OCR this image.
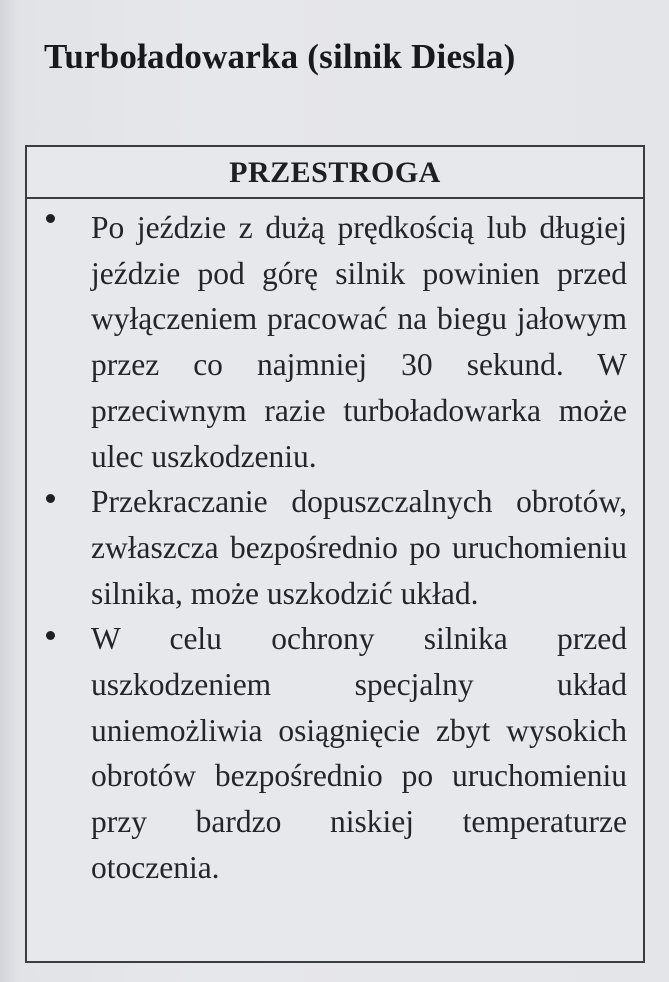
Turboładowarka (silnik Diesla)
PRZESTROGA
Po jeździe z dużą prędkością lub długiej jeździe pod górę silnik powinien przed wyłączeniem pracować na biegu jałowym przez co najmniej 30 sekund. W przeciwnym razie turboładowarka może ulec uszkodzeniu.
Przekraczanie dopuszczalnych obrotów, zwłaszcza bezpośrednio po uruchomieniu silnika, może uszkodzić układ.
W celu ochrony silnika przed uszkodzeniem specjalny układ uniemożliwia osiągnięcie zbyt wysokich obrotów bezpośrednio po uruchomieniu przy bardzo niskiej temperaturze otoczenia.
